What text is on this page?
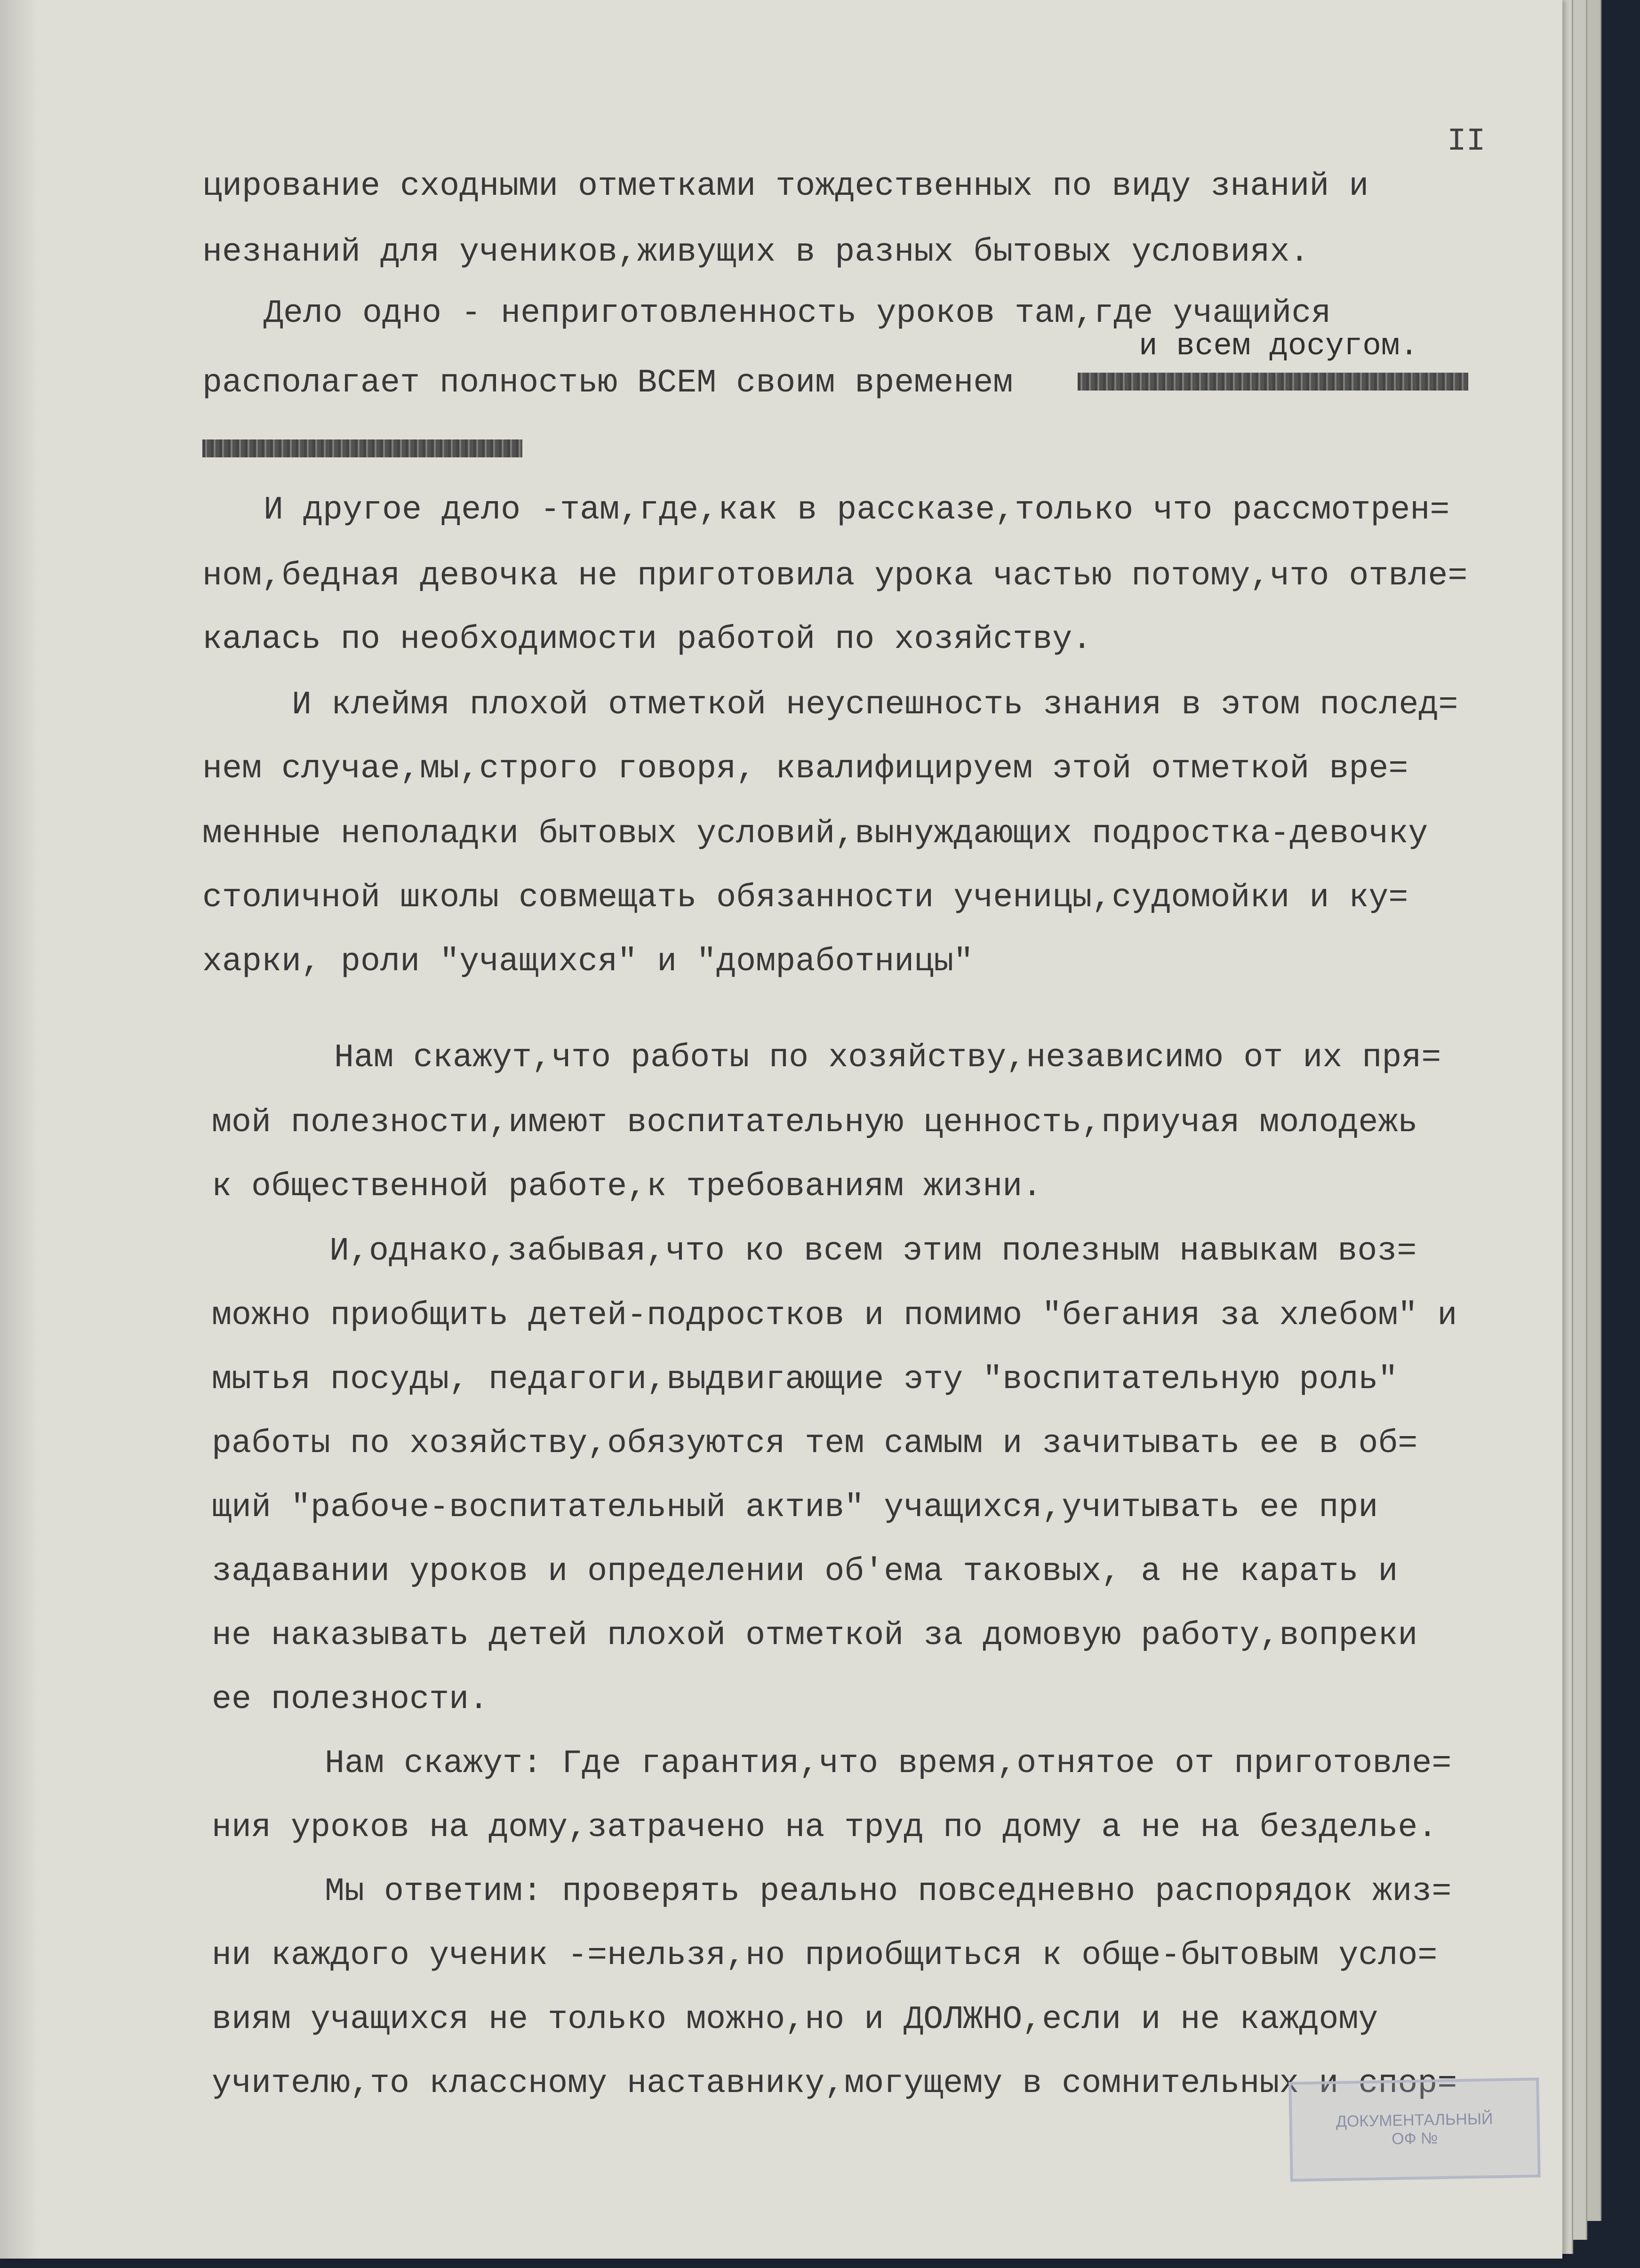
II
цирование сходными отметками тождественных по виду знаний и
незнаний для учеников,живущих в разных бытовых условиях.
Дело одно - неприготовленность уроков там,где учащийся
и всем досугом.
располагает полностью ВСЕМ своим временем
И другое дело -там,где,как в рассказе,только что рассмотрен=
ном,бедная девочка не приготовила урока частью потому,что отвле=
калась по необходимости работой по хозяйству.
И клеймя плохой отметкой неуспешность знания в этом послед=
нем случае,мы,строго говоря, квалифицируем этой отметкой вре=
менные неполадки бытовых условий,вынуждающих подростка-девочку
столичной школы совмещать обязанности ученицы,судомойки и ку=
харки, роли "учащихся" и "домработницы"
Нам скажут,что работы по хозяйству,независимо от их пря=
мой полезности,имеют воспитательную ценность,приучая молодежь
к общественной работе,к требованиям жизни.
И,однако,забывая,что ко всем этим полезным навыкам воз=
можно приобщить детей-подростков и помимо "бегания за хлебом" и
мытья посуды, педагоги,выдвигающие эту "воспитательную роль"
работы по хозяйству,обязуются тем самым и зачитывать ее в об=
щий "рабоче-воспитательный актив" учащихся,учитывать ее при
задавании уроков и определении об'ема таковых, а не карать и
не наказывать детей плохой отметкой за домовую работу,вопреки
ее полезности.
Нам скажут: Где гарантия,что время,отнятое от приготовле=
ния уроков на дому,затрачено на труд по дому а не на безделье.
Мы ответим: проверять реально повседневно распорядок жиз=
ни каждого ученик -=нельзя,но приобщиться к обще-бытовым усло=
виям учащихся не только можно,но и ДОЛЖНО,если и не каждому
учителю,то классному наставнику,могущему в сомнительных и спор=
ДОКУМЕНТАЛЬНЫЙ
ОФ №
